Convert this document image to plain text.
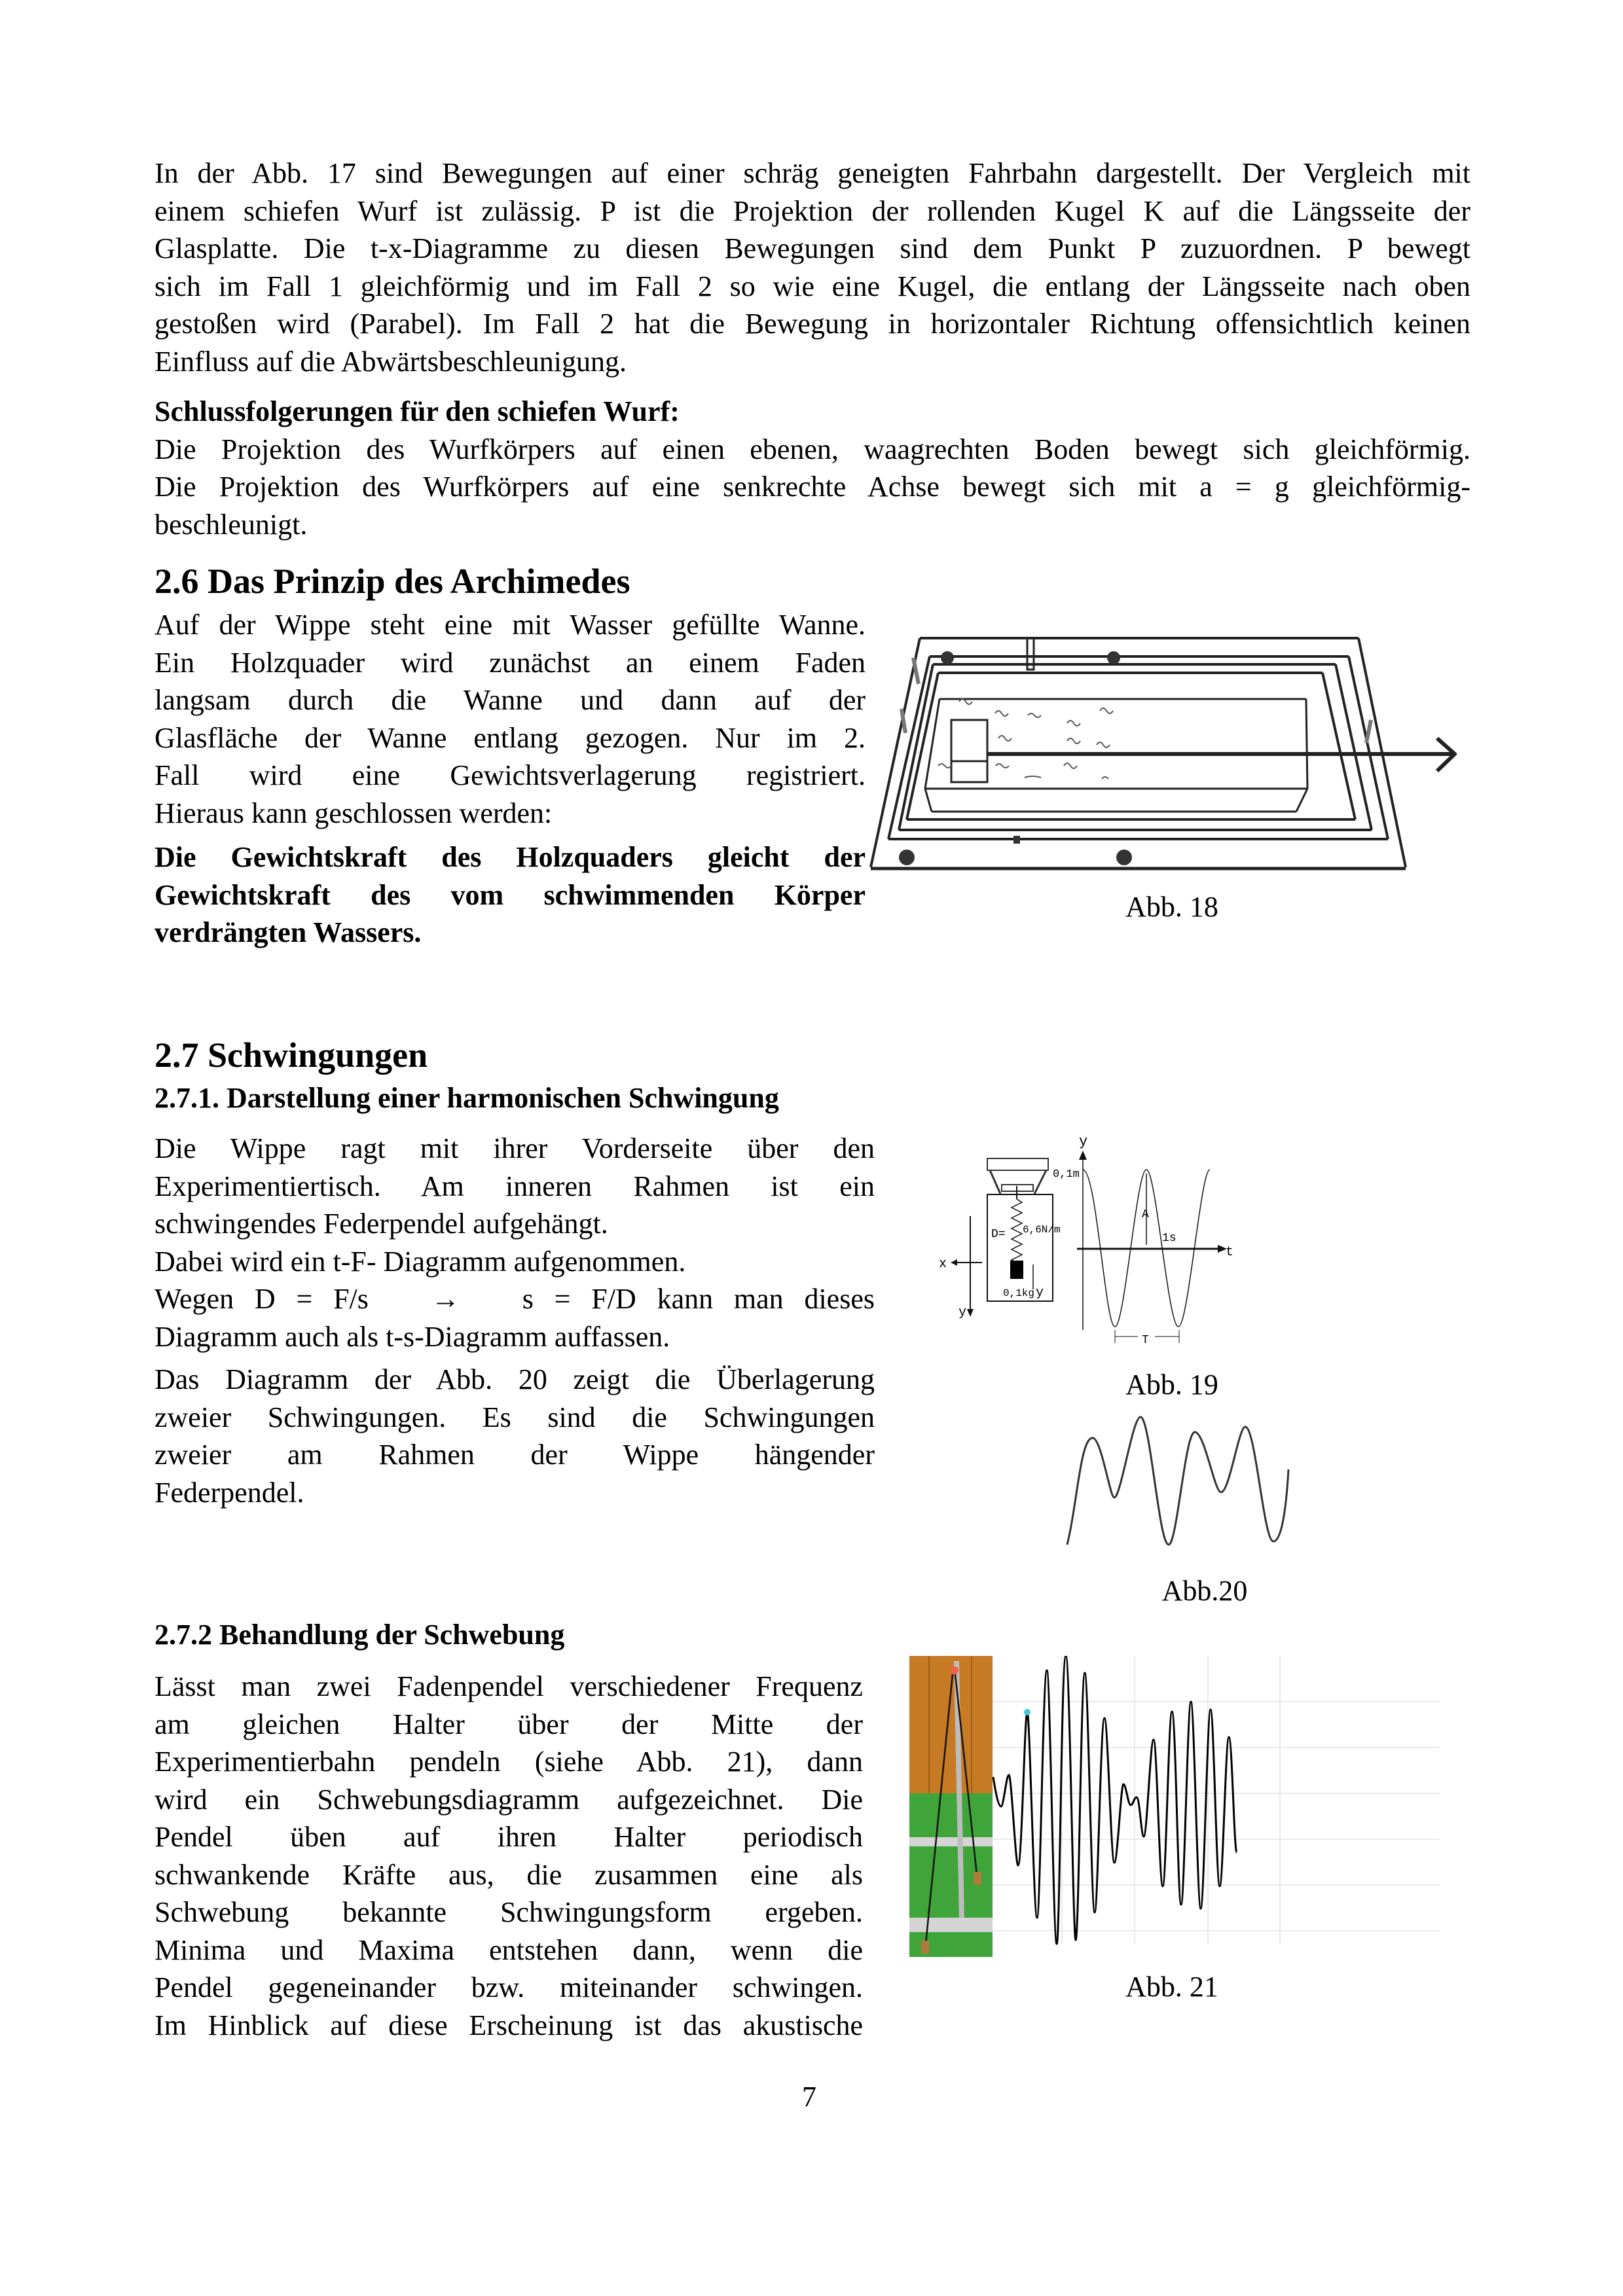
In der Abb. 17 sind Bewegungen auf einer schräg geneigten Fahrbahn dargestellt. Der Vergleich mit
einem schiefen Wurf ist zulässig. P ist die Projektion der rollenden Kugel K auf die Längsseite der
Glasplatte. Die t-x-Diagramme zu diesen Bewegungen sind dem Punkt P zuzuordnen. P bewegt
sich im Fall 1 gleichförmig und im Fall 2 so wie eine Kugel, die entlang der Längsseite nach oben
gestoßen wird (Parabel). Im Fall 2 hat die Bewegung in horizontaler Richtung offensichtlich keinen
Einfluss auf die Abwärtsbeschleunigung.
Schlussfolgerungen für den schiefen Wurf:
Die Projektion des Wurfkörpers auf einen ebenen, waagrechten Boden bewegt sich gleichförmig.
Die Projektion des Wurfkörpers auf eine senkrechte Achse bewegt sich mit a = g gleichförmig-
beschleunigt.
2.6 Das Prinzip des Archimedes
Auf der Wippe steht eine mit Wasser gefüllte Wanne.
Ein Holzquader wird zunächst an einem Faden
langsam durch die Wanne und dann auf der
Glasfläche der Wanne entlang gezogen. Nur im 2.
Fall wird eine Gewichtsverlagerung registriert.
Hieraus kann geschlossen werden:
Die Gewichtskraft des Holzquaders gleicht der
Gewichtskraft des vom schwimmenden Körper
verdrängten Wassers.
Abb. 18
2.7 Schwingungen
2.7.1. Darstellung einer harmonischen Schwingung
Die Wippe ragt mit ihrer Vorderseite über den
Experimentiertisch. Am inneren Rahmen ist ein
schwingendes Federpendel aufgehängt.
Dabei wird ein t-F- Diagramm aufgenommen.
Wegen D = F/s   →   s = F/D kann man dieses
Diagramm auch als t-s-Diagramm auffassen.
Das Diagramm der Abb. 20 zeigt die Überlagerung
zweier Schwingungen. Es sind die Schwingungen
zweier am Rahmen der Wippe hängender
Federpendel.
D= 6,6N/m
0,1kg y
x
y
y
t
0,1m
A
1s
T
Abb. 19
Abb.20
2.7.2 Behandlung der Schwebung
Lässt man zwei Fadenpendel verschiedener Frequenz
am gleichen Halter über der Mitte der
Experimentierbahn pendeln (siehe Abb. 21), dann
wird ein Schwebungsdiagramm aufgezeichnet. Die
Pendel üben auf ihren Halter periodisch
schwankende Kräfte aus, die zusammen eine als
Schwebung bekannte Schwingungsform ergeben.
Minima und Maxima entstehen dann, wenn die
Pendel gegeneinander bzw. miteinander schwingen.
Im Hinblick auf diese Erscheinung ist das akustische
Abb. 21
7
